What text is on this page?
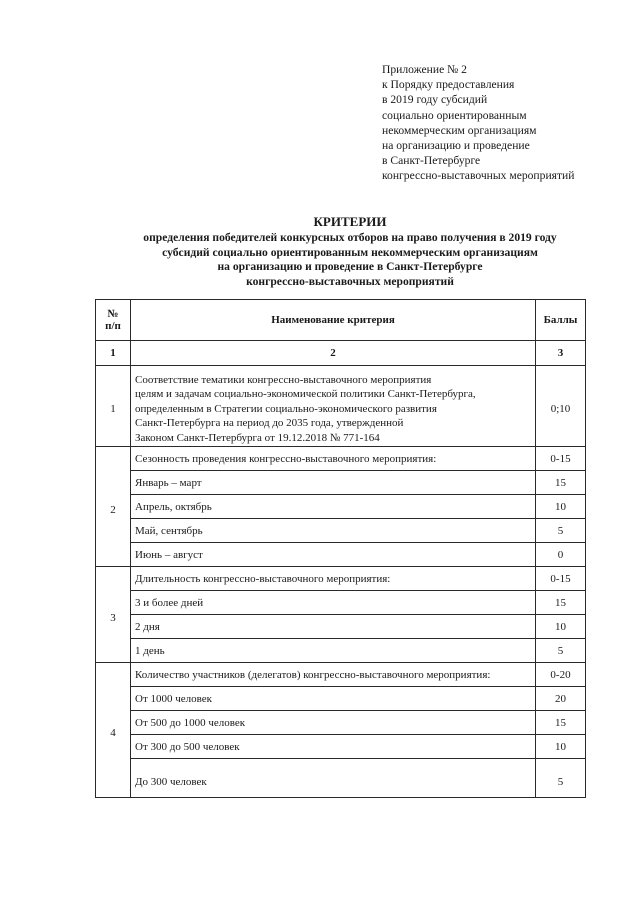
Приложение № 2
к Порядку предоставления
в 2019 году субсидий
социально ориентированным
некоммерческим организациям
на организацию и проведение
в Санкт-Петербурге
конгрессно-выставочных мероприятий
КРИТЕРИИ
определения победителей конкурсных отборов на право получения в 2019 году
субсидий социально ориентированным некоммерческим организациям
на организацию и проведение в Санкт-Петербурге
конгрессно-выставочных мероприятий
№
п/п	Наименование критерия	Баллы
1	2	3
1	Соответствие тематики конгрессно-выставочного мероприятия
целям и задачам социально-экономической политики Санкт-Петербурга,
определенным в Стратегии социально-экономического развития
Санкт-Петербурга на период до 2035 года, утвержденной
Законом Санкт-Петербурга от 19.12.2018 № 771-164	0;10
2	Сезонность проведения конгрессно-выставочного мероприятия:	0-15
	Январь – март	15
	Апрель, октябрь	10
	Май, сентябрь	5
	Июнь – август	0
3	Длительность конгрессно-выставочного мероприятия:	0-15
	3 и более дней	15
	2 дня	10
	1 день	5
4	Количество участников (делегатов) конгрессно-выставочного мероприятия:	0-20
	От 1000 человек	20
	От 500 до 1000 человек	15
	От 300 до 500 человек	10
	До 300 человек	5
